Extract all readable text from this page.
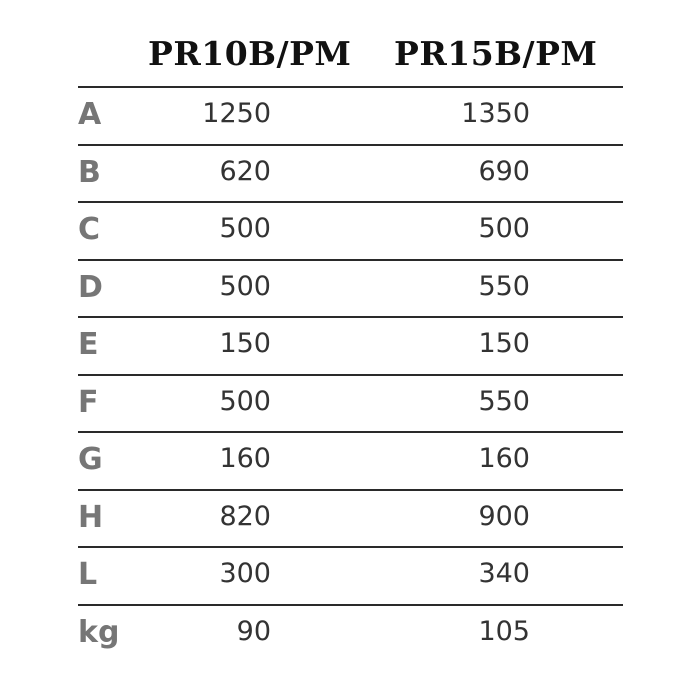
PR10B/PM PR15B/PM
A	1250	1350
B	620	690
C	500	500
D	500	550
E	150	150
F	500	550
G	160	160
H	820	900
L	300	340
kg	90	105
